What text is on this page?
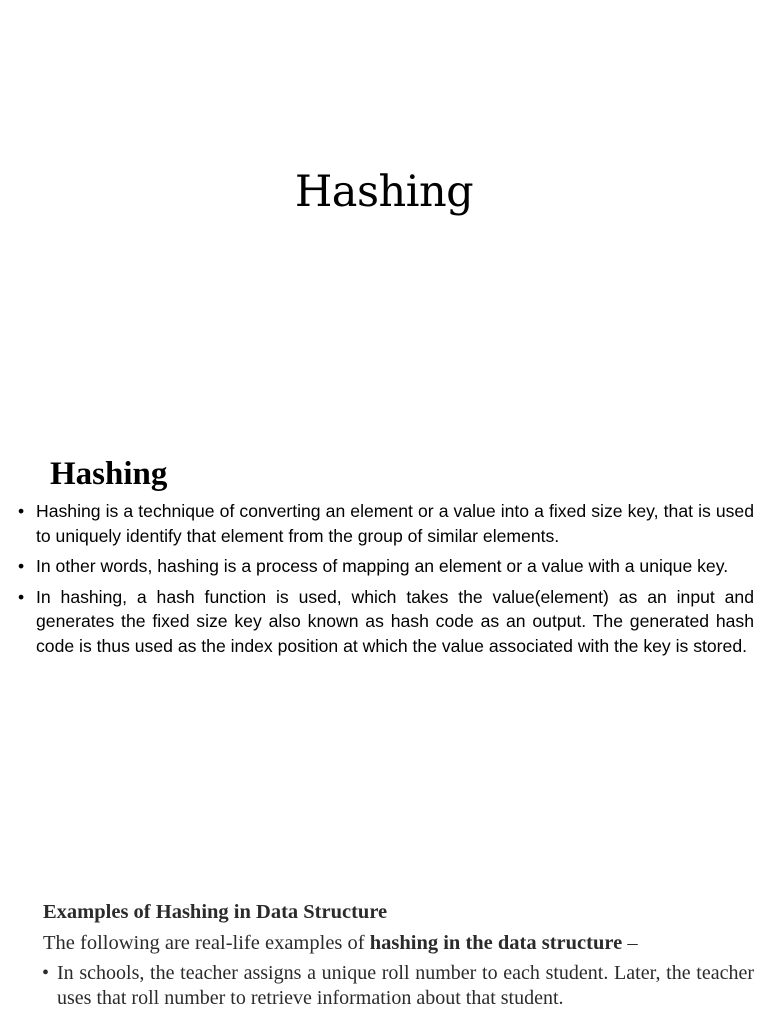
Hashing
Hashing
• Hashing is a technique of converting an element or a value into a fixed size key, that is used to uniquely identify that element from the group of similar elements.
• In other words, hashing is a process of mapping an element or a value with a unique key.
• In hashing, a hash function is used, which takes the value(element) as an input and generates the fixed size key also known as hash code as an output. The generated hash code is thus used as the index position at which the value associated with the key is stored.
Examples of Hashing in Data Structure

The following are real-life examples of hashing in the data structure –

• In schools, the teacher assigns a unique roll number to each student. Later, the teacher uses that roll number to retrieve information about that student.
